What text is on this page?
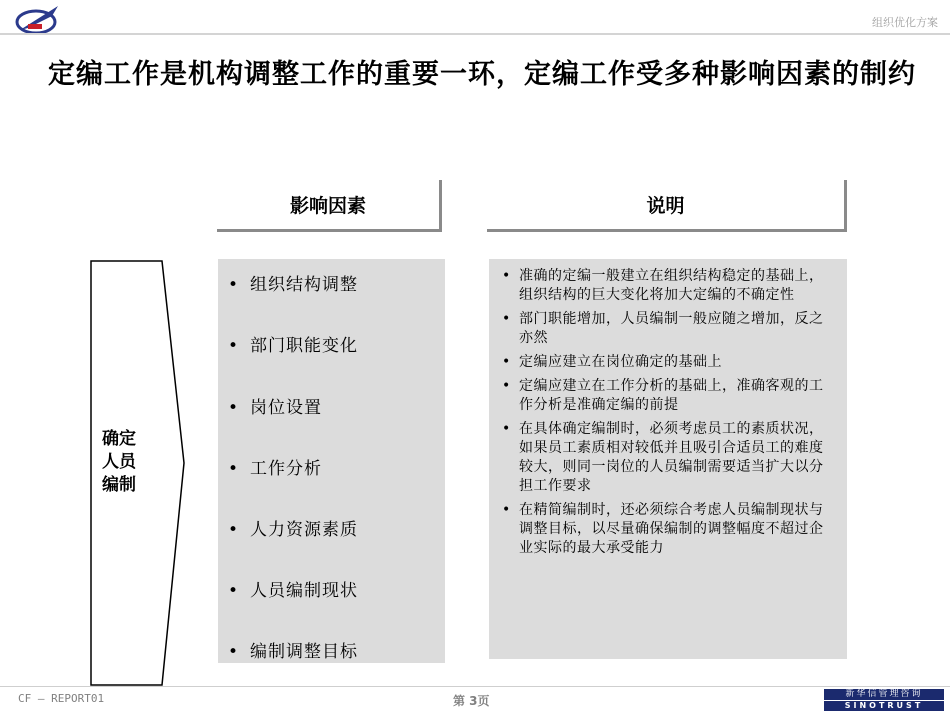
组织优化方案
定编工作是机构调整工作的重要一环，定编工作受多种影响因素的制约
影响因素	说明
确定
人员
编制
• 组织结构调整
• 部门职能变化
• 岗位设置
• 工作分析
• 人力资源素质
• 人员编制现状
• 编制调整目标
• 准确的定编一般建立在组织结构稳定的基础上，组织结构的巨大变化将加大定编的不确定性
• 部门职能增加，人员编制一般应随之增加，反之亦然
• 定编应建立在岗位确定的基础上
• 定编应建立在工作分析的基础上，准确客观的工作分析是准确定编的前提
• 在具体确定编制时，必须考虑员工的素质状况，如果员工素质相对较低并且吸引合适员工的难度较大，则同一岗位的人员编制需要适当扩大以分担工作要求
• 在精简编制时，还必须综合考虑人员编制现状与调整目标，以尽量确保编制的调整幅度不超过企业实际的最大承受能力
CF — REPORT01	第 3页	新华信管理咨询
SINOTRUST
